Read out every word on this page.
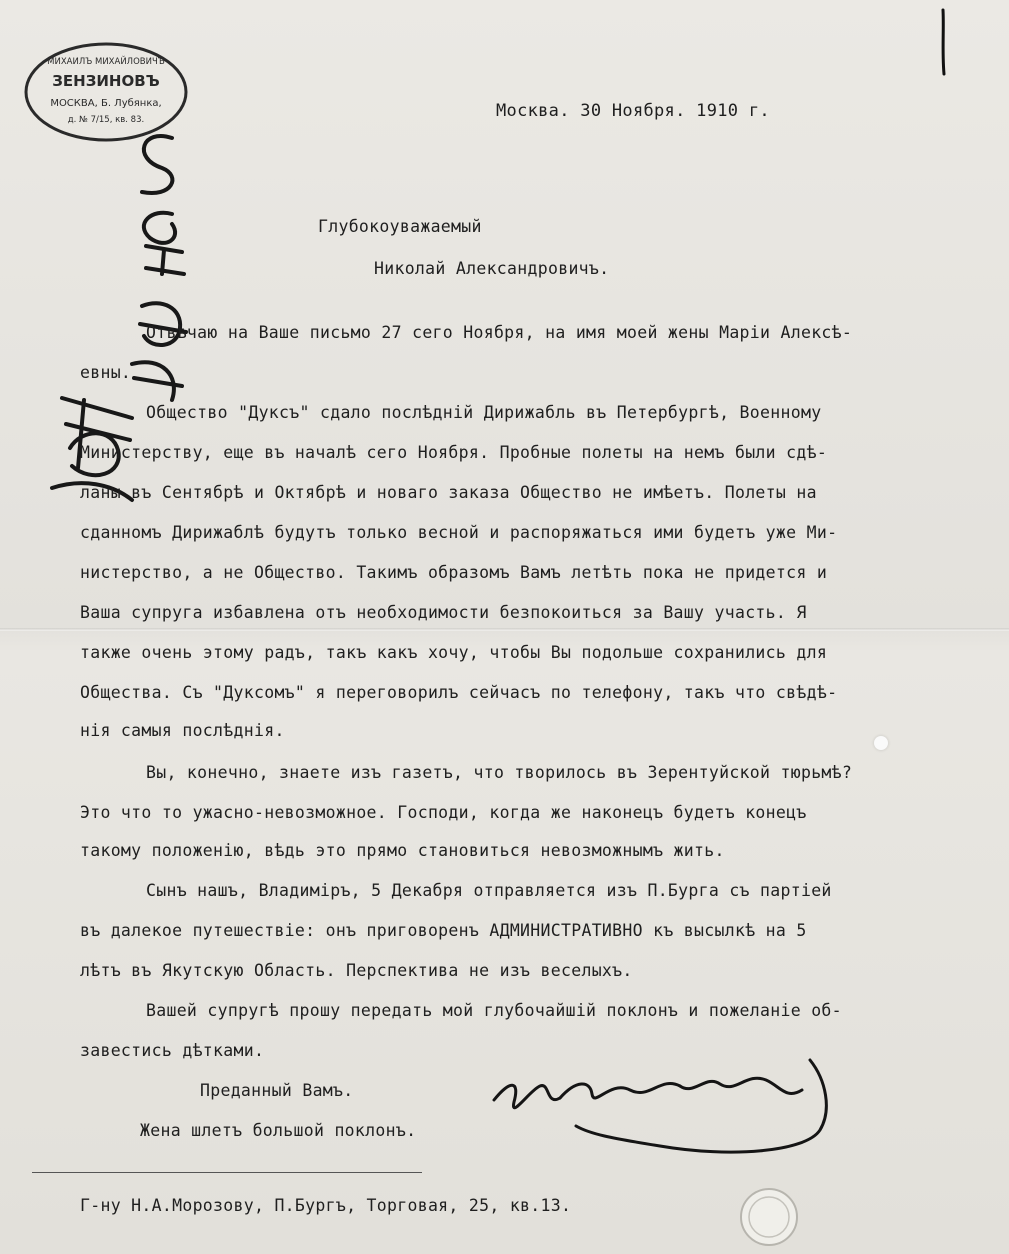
МИХАИЛЪ МИХАЙЛОВИЧЪ
ЗЕНЗИНОВЪ
МОСКВА, Б. Лубянка,
д. № 7/15, кв. 83.	Москва. 30 Ноября. 1910 г.
Глубокоуважаемый
Николай Александровичъ.
Отвѣчаю на Ваше письмо 27 сего Ноября, на имя моей жены Маріи Алексѣ-
евны.
Общество "Дуксъ" сдало послѣднiй Дирижабль въ Петербургѣ, Военному
Министерству, еще въ началѣ сего Ноября. Пробные полеты на немъ были сдѣ-
ланы въ Сентябрѣ и Октябрѣ и новаго заказа Общество не имѣетъ. Полеты на
сданномъ Дирижаблѣ будутъ только весной и распоряжаться ими будетъ уже Ми-
нистерство, а не Общество. Такимъ образомъ Вамъ летѣть пока не придется и
Ваша супруга избавлена отъ необходимости безпокоиться за Вашу участь. Я
также очень этому радъ, такъ какъ хочу, чтобы Вы подольше сохранились для
Общества. Съ "Дуксомъ" я переговорилъ сейчасъ по телефону, такъ что свѣдѣ-
нія самыя послѣднія.
Вы, конечно, знаете изъ газетъ, что творилось въ Зерентуйской тюрьмѣ?
Это что то ужасно-невозможное. Господи, когда же наконецъ будетъ конецъ
такому положенію, вѣдь это прямо становиться невозможнымъ жить.
Сынъ нашъ, Владимiръ, 5 Декабря отправляется изъ П.Бурга съ партiей
въ далекое путешествіе: онъ приговоренъ АДМИНИСТРАТИВНО къ высылкѣ на 5
лѣтъ въ Якутскую Область. Перспектива не изъ веселыхъ.
Вашей супругѣ прошу передать мой глубочайшiй поклонъ и пожеланiе об-
завестись дѣтками.
Преданный Вамъ.
Жена шлетъ большой поклонъ.
Г-ну Н.А.Морозову, П.Бургъ, Торговая, 25, кв.13.
